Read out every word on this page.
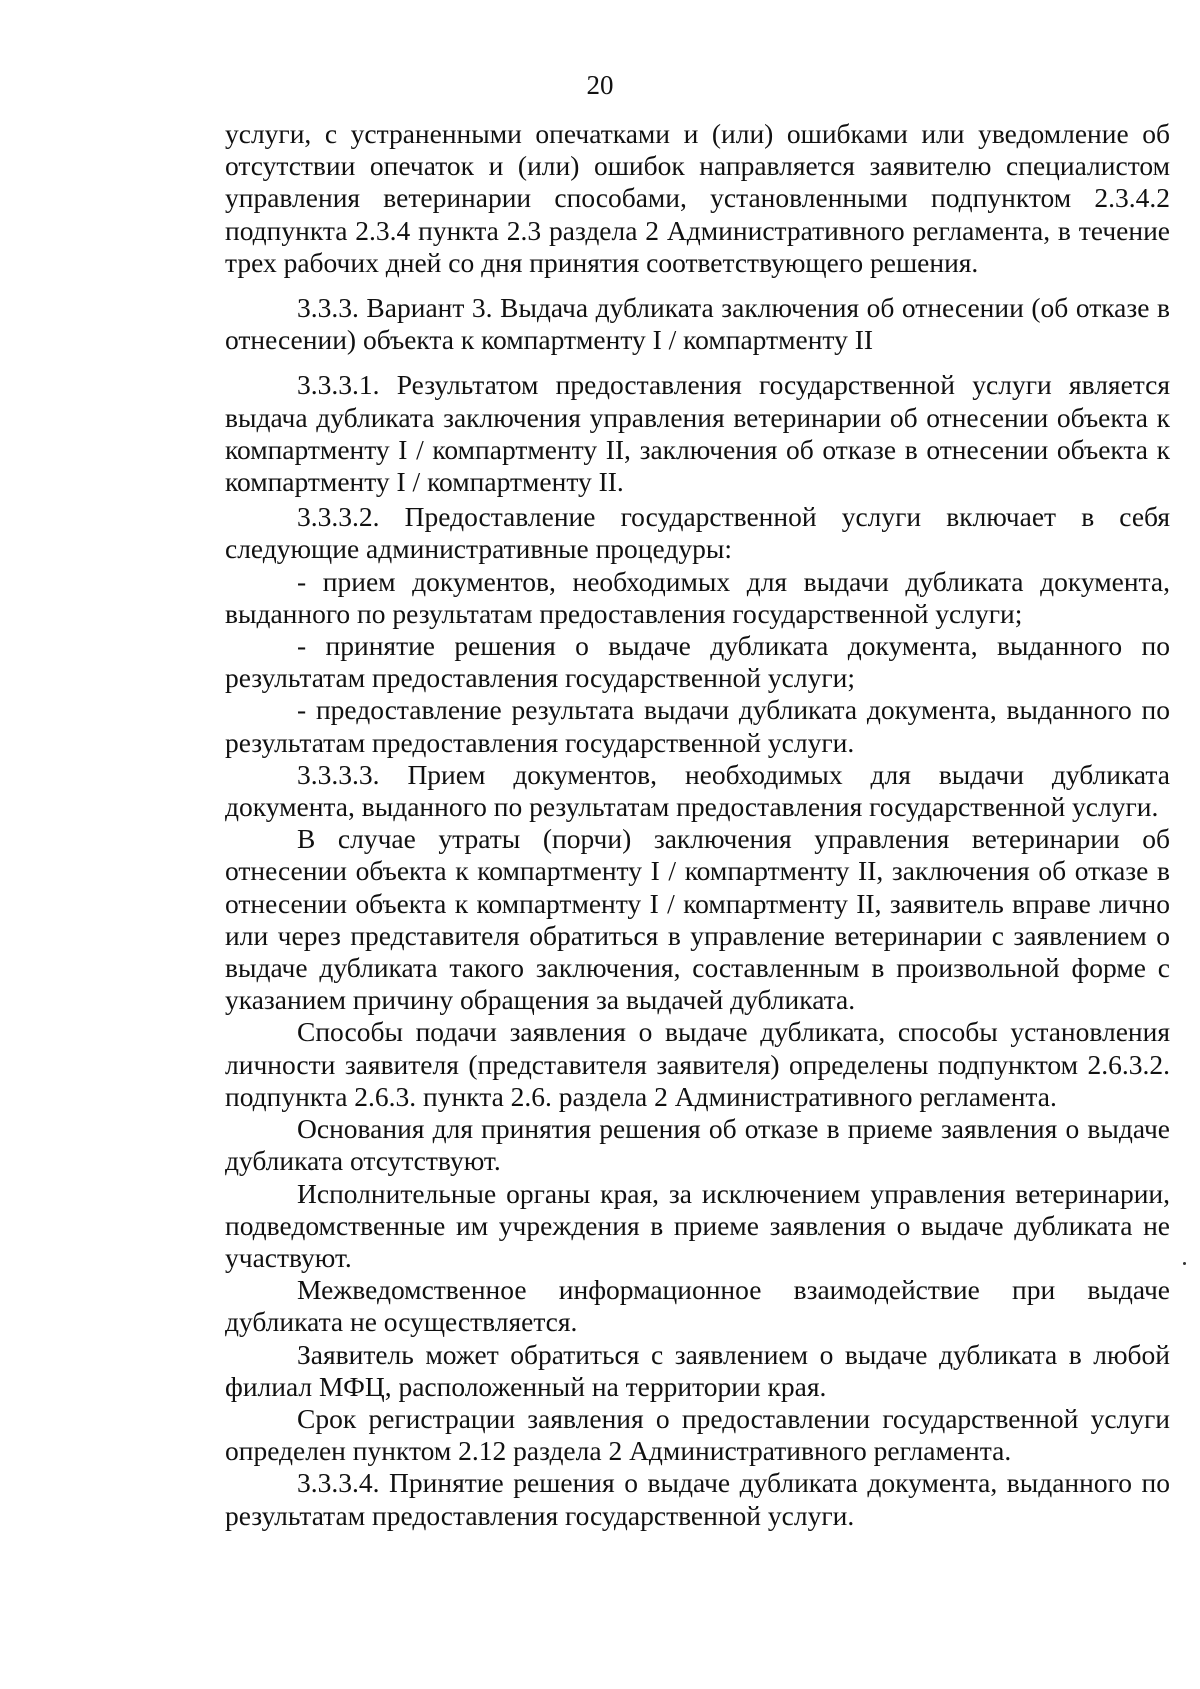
20

услуги, с устраненными опечатками и (или) ошибками или уведомление об отсутствии опечаток и (или) ошибок направляется заявителю специалистом управления ветеринарии способами, установленными подпунктом 2.3.4.2 подпункта 2.3.4 пункта 2.3 раздела 2 Административного регламента, в течение трех рабочих дней со дня принятия соответствующего решения.

3.3.3. Вариант 3. Выдача дубликата заключения об отнесении (об отказе в отнесении) объекта к компартменту I / компартменту II

3.3.3.1. Результатом предоставления государственной услуги является выдача дубликата заключения управления ветеринарии об отнесении объекта к компартменту I / компартменту II, заключения об отказе в отнесении объекта к компартменту I / компартменту II.

3.3.3.2. Предоставление государственной услуги включает в себя следующие административные процедуры:

- прием документов, необходимых для выдачи дубликата документа, выданного по результатам предоставления государственной услуги;

- принятие решения о выдаче дубликата документа, выданного по результатам предоставления государственной услуги;

- предоставление результата выдачи дубликата документа, выданного по результатам предоставления государственной услуги.

3.3.3.3. Прием документов, необходимых для выдачи дубликата документа, выданного по результатам предоставления государственной услуги.

В случае утраты (порчи) заключения управления ветеринарии об отнесении объекта к компартменту I / компартменту II, заключения об отказе в отнесении объекта к компартменту I / компартменту II, заявитель вправе лично или через представителя обратиться в управление ветеринарии с заявлением о выдаче дубликата такого заключения, составленным в произвольной форме с указанием причину обращения за выдачей дубликата.

Способы подачи заявления о выдаче дубликата, способы установления личности заявителя (представителя заявителя) определены подпунктом 2.6.3.2. подпункта 2.6.3. пункта 2.6. раздела 2 Административного регламента.

Основания для принятия решения об отказе в приеме заявления о выдаче дубликата отсутствуют.

Исполнительные органы края, за исключением управления ветеринарии, подведомственные им учреждения в приеме заявления о выдаче дубликата не участвуют.

Межведомственное информационное взаимодействие при выдаче дубликата не осуществляется.

Заявитель может обратиться с заявлением о выдаче дубликата в любой филиал МФЦ, расположенный на территории края.

Срок регистрации заявления о предоставлении государственной услуги определен пунктом 2.12 раздела 2 Административного регламента.

3.3.3.4. Принятие решения о выдаче дубликата документа, выданного по результатам предоставления государственной услуги.
